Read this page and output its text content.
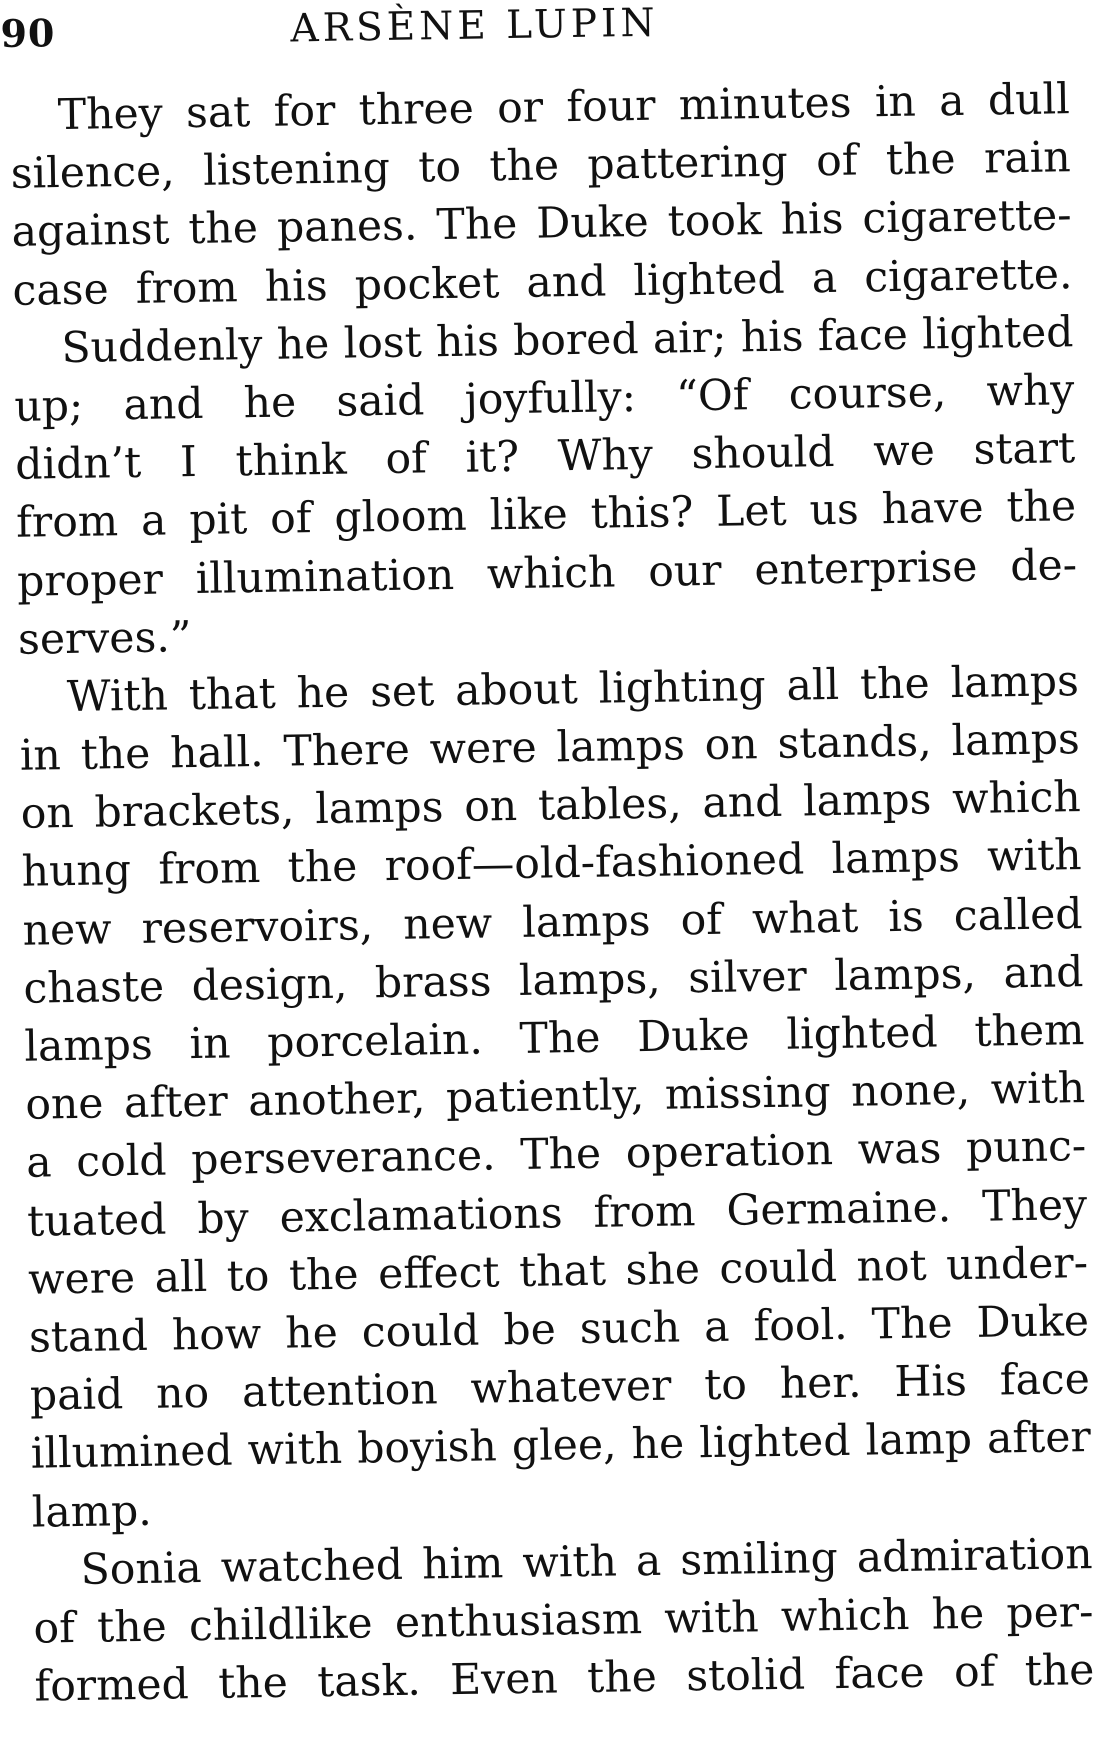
90	ARSÈNE LUPIN
They sat for three or four minutes in a dull
silence, listening to the pattering of the rain
against the panes. The Duke took his cigarette-
case from his pocket and lighted a cigarette.
Suddenly he lost his bored air; his face lighted
up; and he said joyfully: “Of course, why
didn’t I think of it? Why should we start
from a pit of gloom like this? Let us have the
proper illumination which our enterprise de-
serves.”
With that he set about lighting all the lamps
in the hall. There were lamps on stands, lamps
on brackets, lamps on tables, and lamps which
hung from the roof—old-fashioned lamps with
new reservoirs, new lamps of what is called
chaste design, brass lamps, silver lamps, and
lamps in porcelain. The Duke lighted them
one after another, patiently, missing none, with
a cold perseverance. The operation was punc-
tuated by exclamations from Germaine. They
were all to the effect that she could not under-
stand how he could be such a fool. The Duke
paid no attention whatever to her. His face
illumined with boyish glee, he lighted lamp after
lamp.
Sonia watched him with a smiling admiration
of the childlike enthusiasm with which he per-
formed the task. Even the stolid face of the
